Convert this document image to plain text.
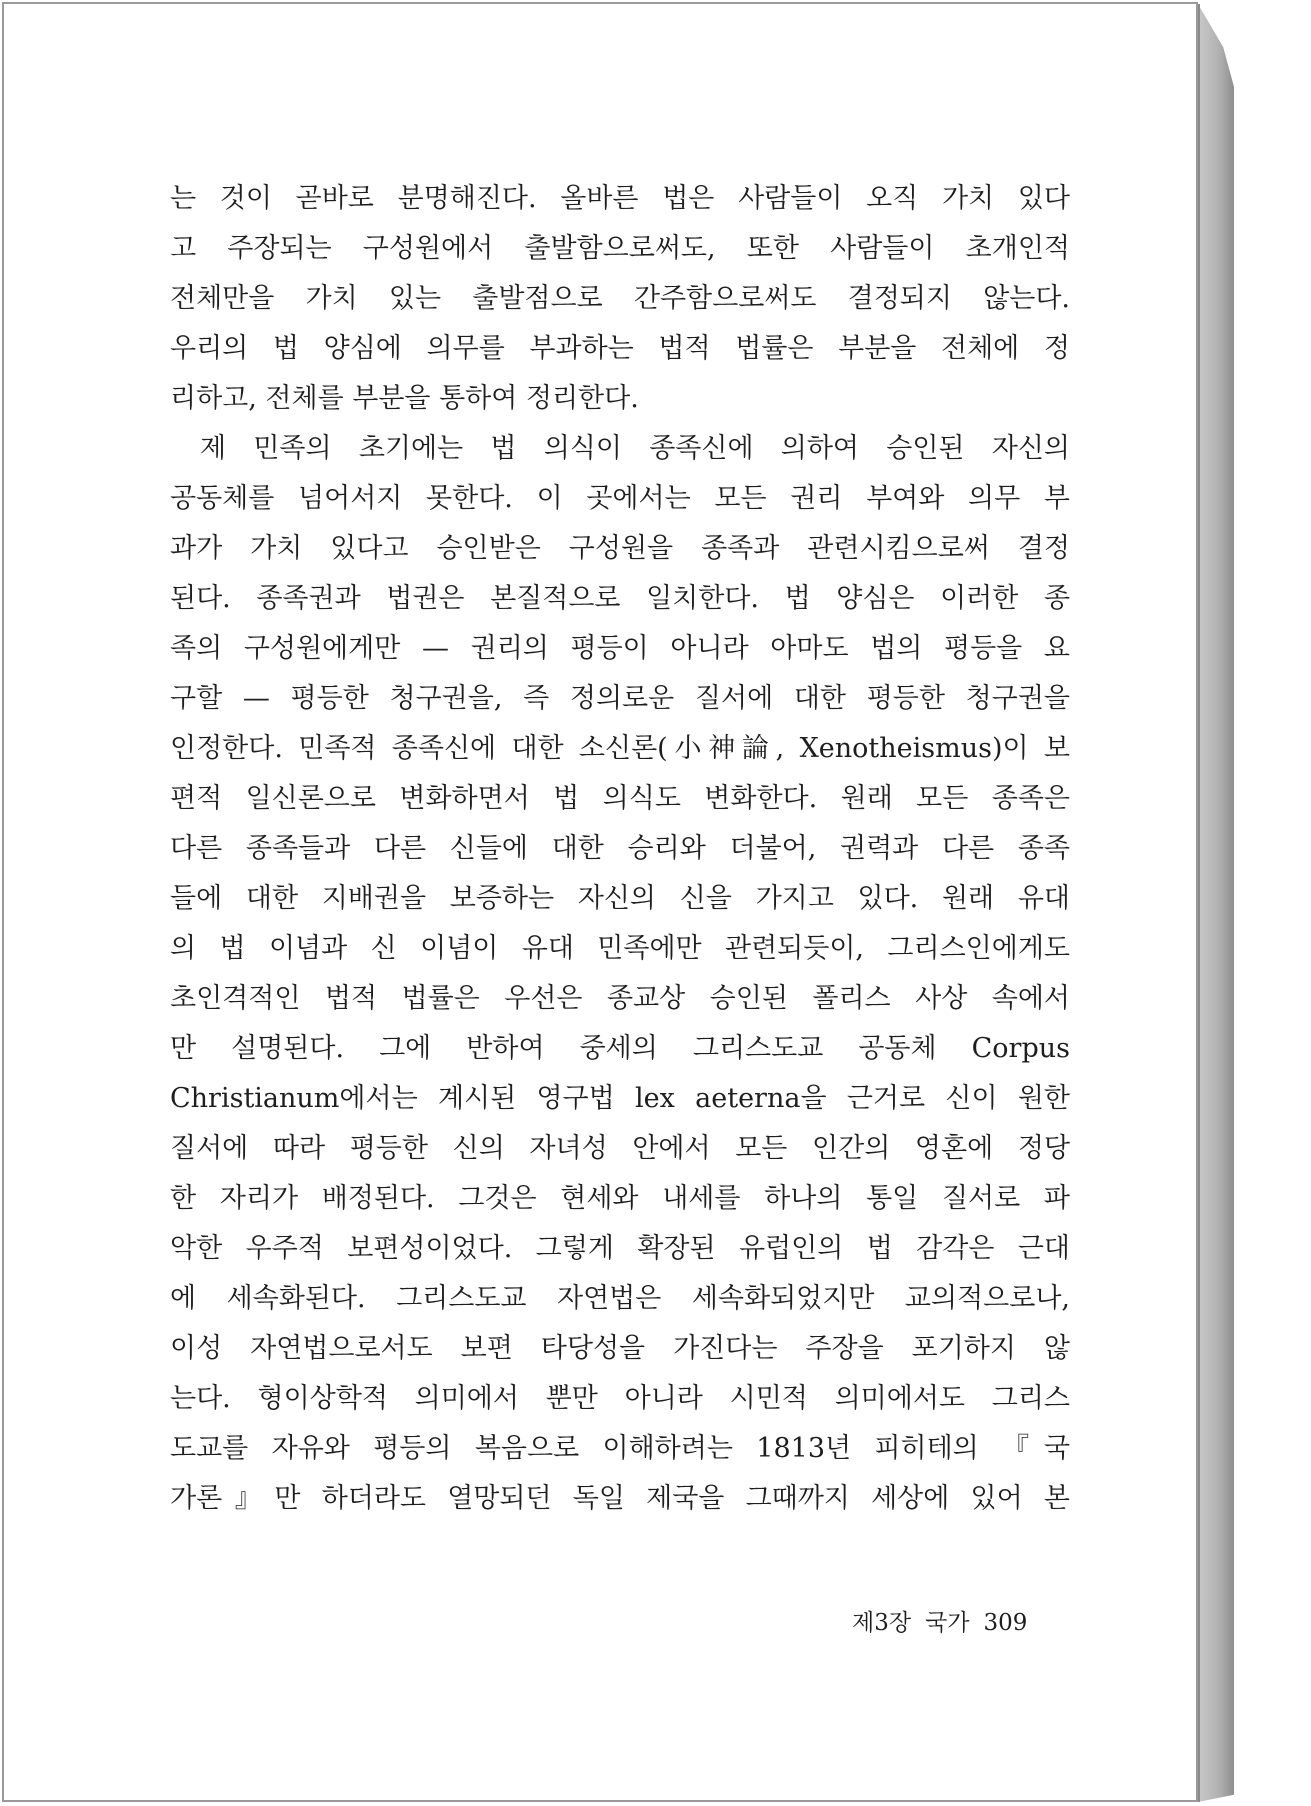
는 것이 곧바로 분명해진다. 올바른 법은 사람들이 오직 가치 있다
고 주장되는 구성원에서 출발함으로써도, 또한 사람들이 초개인적
전체만을 가치 있는 출발점으로 간주함으로써도 결정되지 않는다.
우리의 법 양심에 의무를 부과하는 법적 법률은 부분을 전체에 정
리하고, 전체를 부분을 통하여 정리한다.
제 민족의 초기에는 법 의식이 종족신에 의하여 승인된 자신의
공동체를 넘어서지 못한다. 이 곳에서는 모든 권리 부여와 의무 부
과가 가치 있다고 승인받은 구성원을 종족과 관련시킴으로써 결정
된다. 종족권과 법권은 본질적으로 일치한다. 법 양심은 이러한 종
족의 구성원에게만 — 권리의 평등이 아니라 아마도 법의 평등을 요
구할 — 평등한 청구권을, 즉 정의로운 질서에 대한 평등한 청구권을
인정한다. 민족적 종족신에 대한 소신론(小神論, Xenotheismus)이 보
편적 일신론으로 변화하면서 법 의식도 변화한다. 원래 모든 종족은
다른 종족들과 다른 신들에 대한 승리와 더불어, 권력과 다른 종족
들에 대한 지배권을 보증하는 자신의 신을 가지고 있다. 원래 유대
의 법 이념과 신 이념이 유대 민족에만 관련되듯이, 그리스인에게도
초인격적인 법적 법률은 우선은 종교상 승인된 폴리스 사상 속에서
만 설명된다. 그에 반하여 중세의 그리스도교 공동체 Corpus
Christianum에서는 계시된 영구법 lex aeterna을 근거로 신이 원한
질서에 따라 평등한 신의 자녀성 안에서 모든 인간의 영혼에 정당
한 자리가 배정된다. 그것은 현세와 내세를 하나의 통일 질서로 파
악한 우주적 보편성이었다. 그렇게 확장된 유럽인의 법 감각은 근대
에 세속화된다. 그리스도교 자연법은 세속화되었지만 교의적으로나,
이성 자연법으로서도 보편 타당성을 가진다는 주장을 포기하지 않
는다. 형이상학적 의미에서 뿐만 아니라 시민적 의미에서도 그리스
도교를 자유와 평등의 복음으로 이해하려는 1813년 피히테의 『국
가론』만 하더라도 열망되던 독일 제국을 그때까지 세상에 있어 본
제3장 국가 309
